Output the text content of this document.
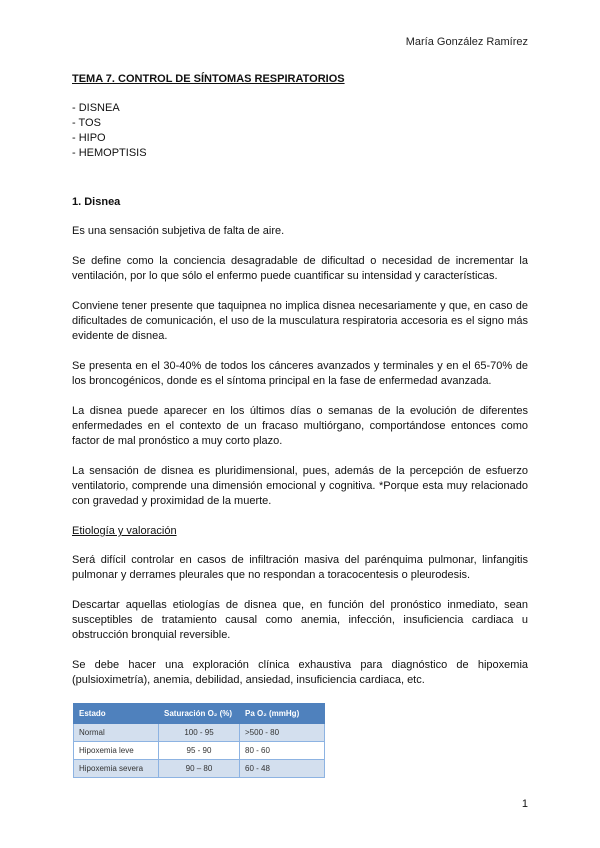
María González Ramírez
TEMA 7. CONTROL DE SÍNTOMAS RESPIRATORIOS
- DISNEA
- TOS
- HIPO
- HEMOPTISIS
1. Disnea

Es una sensación subjetiva de falta de aire.

Se define como la conciencia desagradable de dificultad o necesidad de incrementar la ventilación, por lo que sólo el enfermo puede cuantificar su intensidad y características.

Conviene tener presente que taquipnea no implica disnea necesariamente y que, en caso de dificultades de comunicación, el uso de la musculatura respiratoria accesoria es el signo más evidente de disnea.

Se presenta en el 30-40% de todos los cánceres avanzados y terminales y en el 65-70% de los broncogénicos, donde es el síntoma principal en la fase de enfermedad avanzada.

La disnea puede aparecer en los últimos días o semanas de la evolución de diferentes enfermedades en el contexto de un fracaso multiórgano, comportándose entonces como factor de mal pronóstico a muy corto plazo.

La sensación de disnea es pluridimensional, pues, además de la percepción de esfuerzo ventilatorio, comprende una dimensión emocional y cognitiva. *Porque esta muy relacionado con gravedad y proximidad de la muerte.

Etiología y valoración

Será difícil controlar en casos de infiltración masiva del parénquima pulmonar, linfangitis pulmonar y derrames pleurales que no respondan a toracocentesis o pleurodesis.

Descartar aquellas etiologías de disnea que, en función del pronóstico inmediato, sean susceptibles de tratamiento causal como anemia, infección, insuficiencia cardiaca u obstrucción bronquial reversible.

Se debe hacer una exploración clínica exhaustiva para diagnóstico de hipoxemia (pulsioximetría), anemia, debilidad, ansiedad, insuficiencia cardiaca, etc.

Estado	Saturación O₂ (%)	Pa O₂ (mmHg)
Normal	100 - 95	>500 - 80
Hipoxemia leve	95 - 90	80 - 60
Hipoxemia severa	90 – 80	60 - 48
1
